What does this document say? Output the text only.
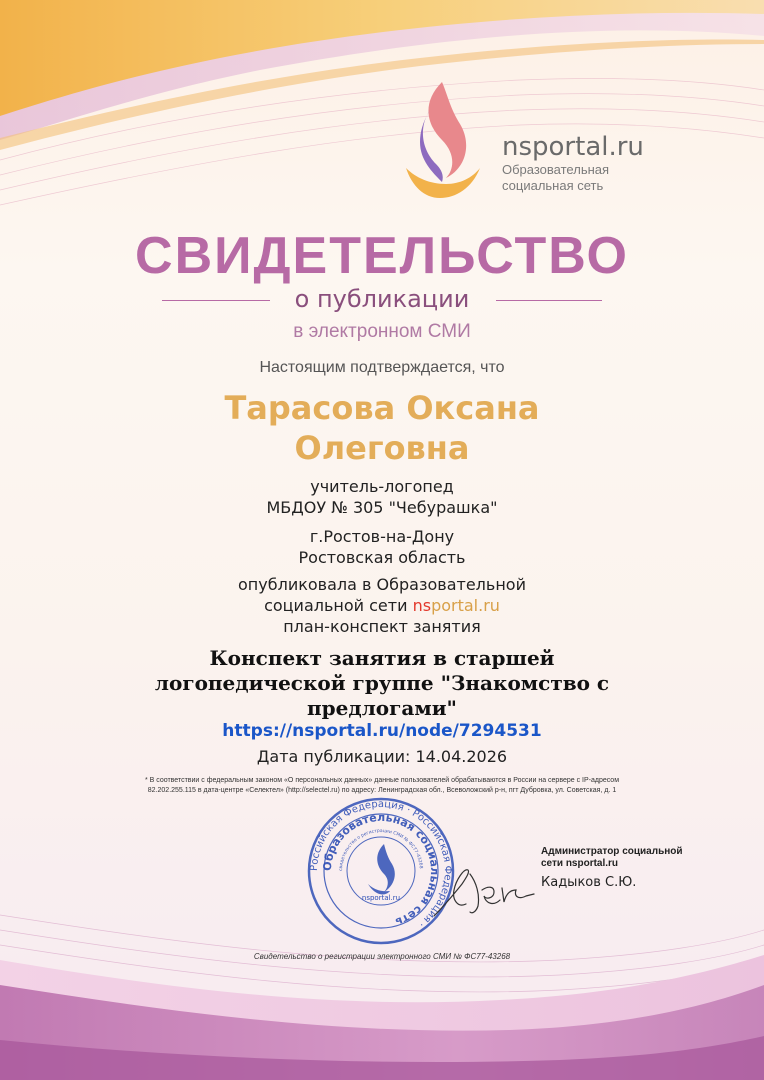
nsportal.ru
Образовательная
социальная сеть
СВИДЕТЕЛЬСТВО
о публикации
в электронном СМИ
Настоящим подтверждается, что
Тарасова Оксана
Олеговна
учитель-логопед
МБДОУ № 305 "Чебурашка"
г.Ростов-на-Дону
Ростовская область
опубликовала в Образовательной
социальной сети nsportal.ru
план-конспект занятия
Конспект занятия в старшей
логопедической группе "Знакомство с
предлогами"
https://nsportal.ru/node/7294531
Дата публикации: 14.04.2026
* В соответствии с федеральным законом «О персональных данных» данные пользователей обрабатываются в России на сервере с IP-адресом
82.202.255.115 в дата-центре «Селектел» (http://selectel.ru) по адресу: Ленинградская обл., Всеволожский р-н, пгт Дубровка, ул. Советская, д. 1
Российская Федерация · Российская Федерация ·
Образовательная социальная сеть
свидетельство о регистрации СМИ № ФС77-43268
nsportal.ru
Администратор социальной
сети nsportal.ru
Кадыков С.Ю.
Свидетельство о регистрации электронного СМИ № ФС77-43268
